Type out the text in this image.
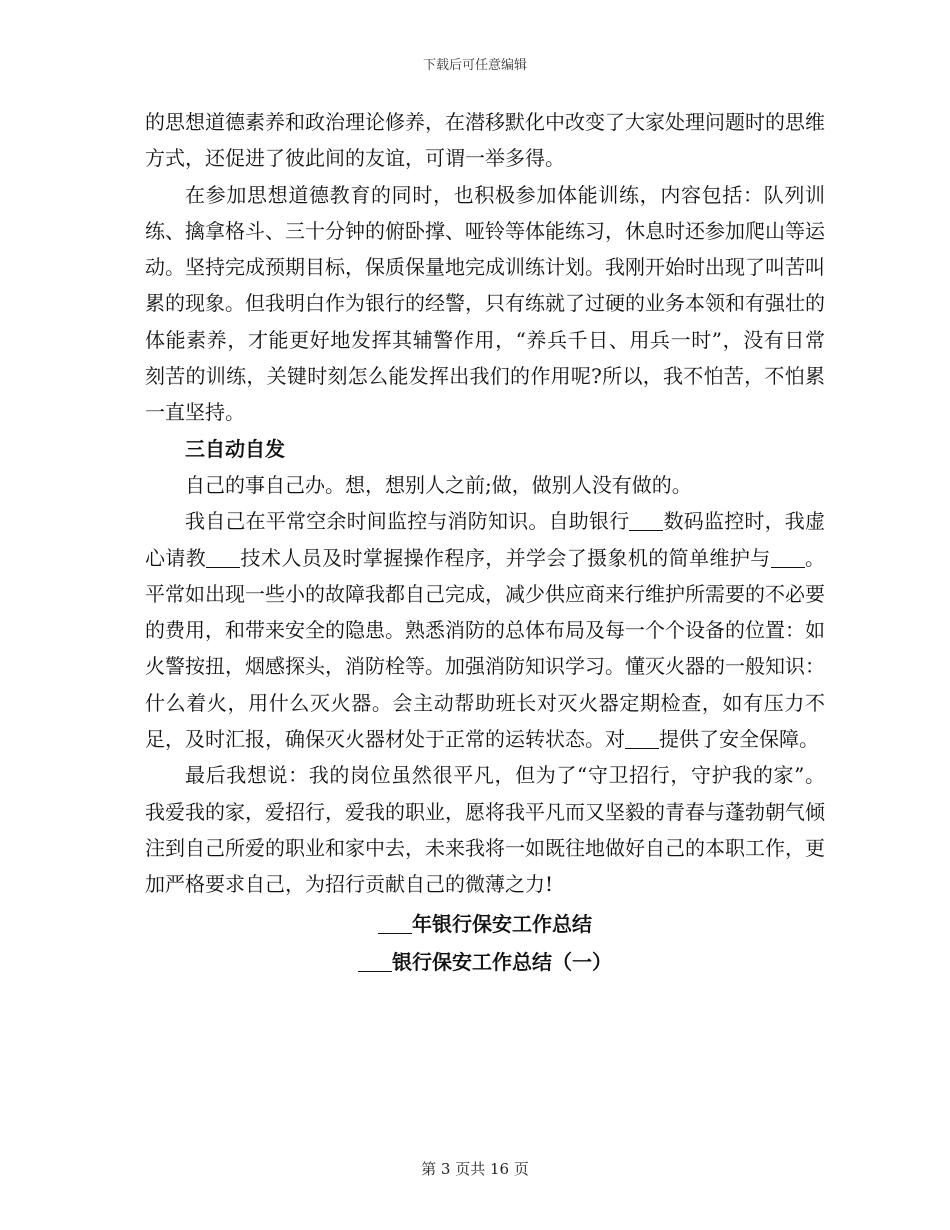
下载后可任意编辑

的思想道德素养和政治理论修养，在潜移默化中改变了大家处理问题时的思维方式，还促进了彼此间的友谊，可谓一举多得。

在参加思想道德教育的同时，也积极参加体能训练，内容包括：队列训练、擒拿格斗、三十分钟的俯卧撑、哑铃等体能练习，休息时还参加爬山等运动。坚持完成预期目标，保质保量地完成训练计划。我刚开始时出现了叫苦叫累的现象。但我明白作为银行的经警，只有练就了过硬的业务本领和有强壮的体能素养，才能更好地发挥其辅警作用，“养兵千日、用兵一时”，没有日常刻苦的训练，关键时刻怎么能发挥出我们的作用呢?所以，我不怕苦，不怕累一直坚持。

三自动自发

自己的事自己办。想，想别人之前;做，做别人没有做的。

我自己在平常空余时间监控与消防知识。自助银行 数码监控时，我虚心请教 技术人员及时掌握操作程序，并学会了摄象机的简单维护与 。平常如出现一些小的故障我都自己完成，减少供应商来行维护所需要的不必要的费用，和带来安全的隐患。熟悉消防的总体布局及每一个个设备的位置：如火警按扭，烟感探头，消防栓等。加强消防知识学习。懂灭火器的一般知识：什么着火，用什么灭火器。会主动帮助班长对灭火器定期检查，如有压力不足，及时汇报，确保灭火器材处于正常的运转状态。对 提供了安全保障。

最后我想说：我的岗位虽然很平凡，但为了“守卫招行，守护我的家”。我爱我的家，爱招行，爱我的职业，愿将我平凡而又坚毅的青春与蓬勃朝气倾注到自己所爱的职业和家中去，未来我将一如既往地做好自己的本职工作，更加严格要求自己，为招行贡献自己的微薄之力!

年银行保安工作总结
银行保安工作总结（一）
第 3 页共 16 页
